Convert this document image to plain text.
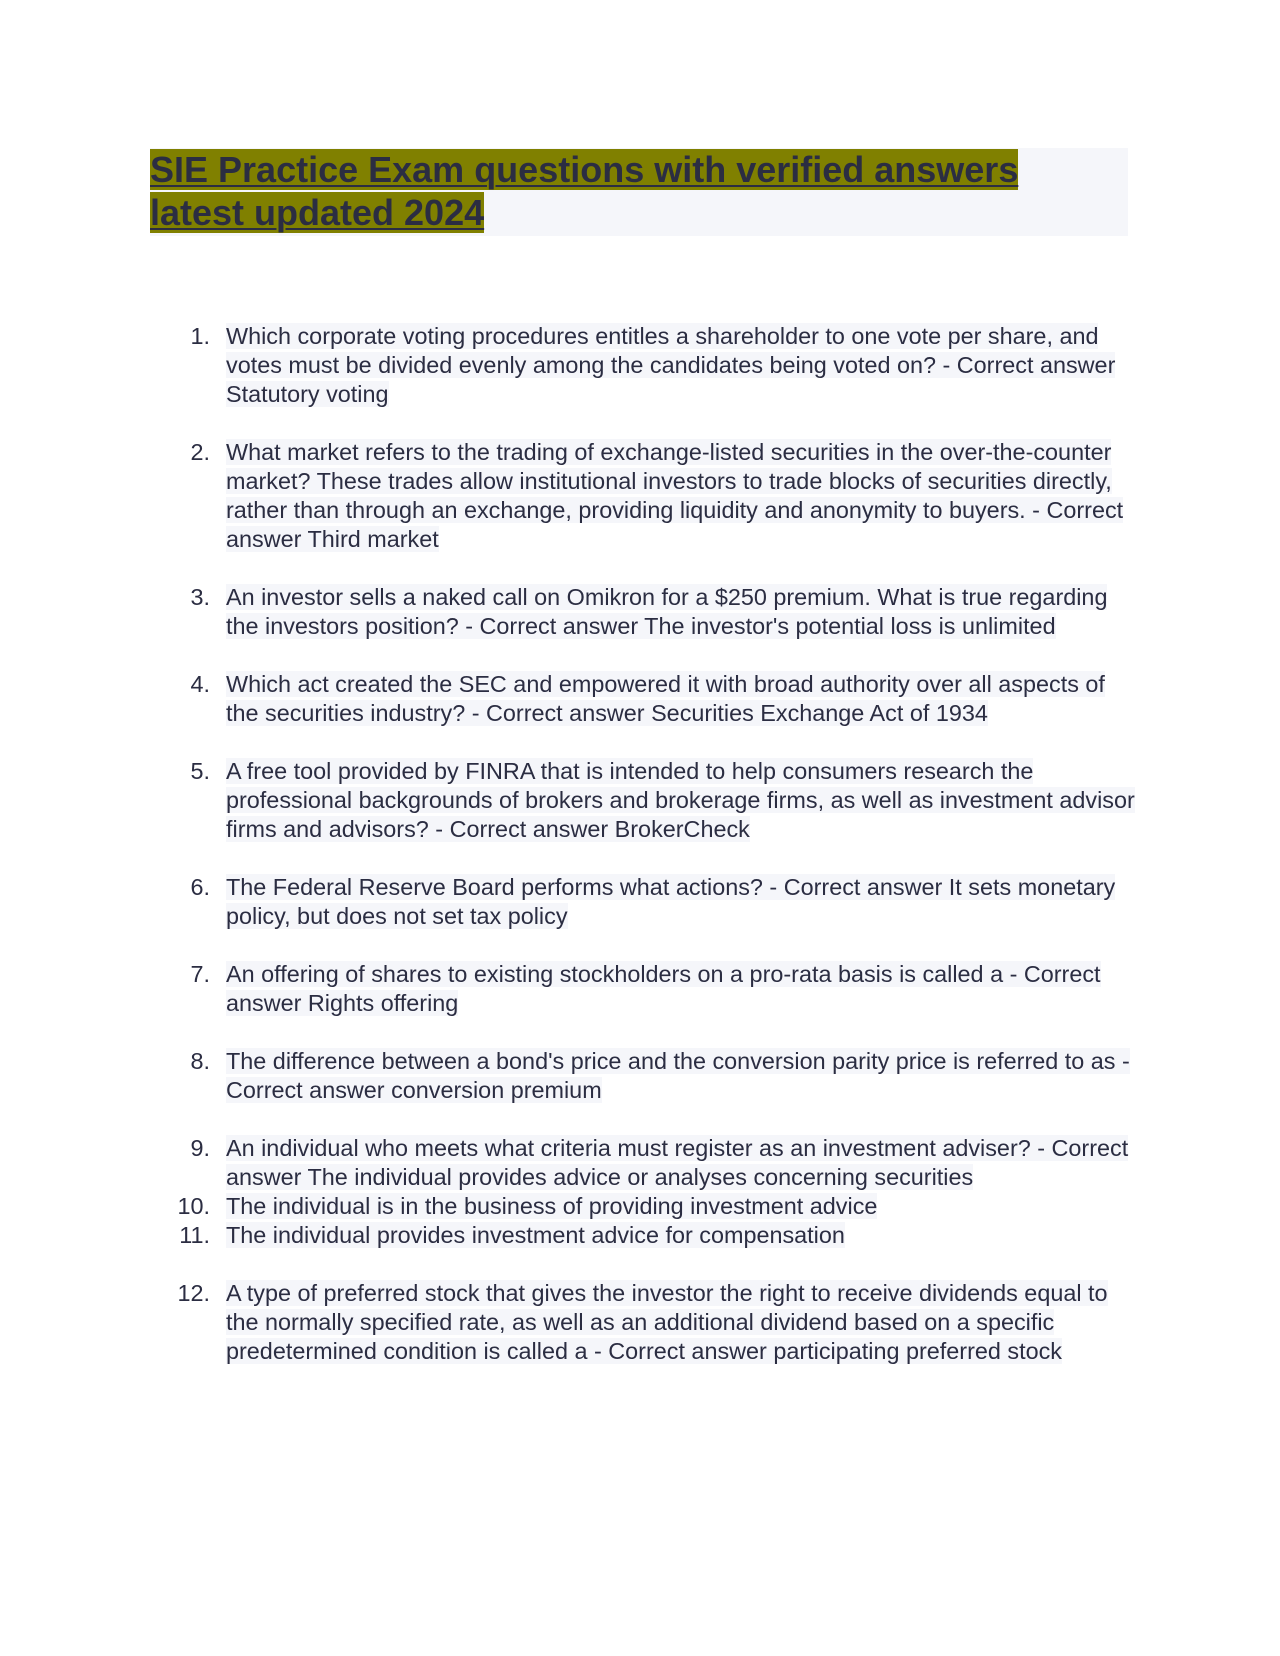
SIE Practice Exam questions with verified answers
latest updated 2024
1. Which corporate voting procedures entitles a shareholder to one vote per share, and votes must be divided evenly among the candidates being voted on? - Correct answer Statutory voting
2. What market refers to the trading of exchange-listed securities in the over-the-counter market? These trades allow institutional investors to trade blocks of securities directly, rather than through an exchange, providing liquidity and anonymity to buyers. - Correct answer Third market
3. An investor sells a naked call on Omikron for a $250 premium. What is true regarding the investors position? - Correct answer The investor's potential loss is unlimited
4. Which act created the SEC and empowered it with broad authority over all aspects of the securities industry? - Correct answer Securities Exchange Act of 1934
5. A free tool provided by FINRA that is intended to help consumers research the professional backgrounds of brokers and brokerage firms, as well as investment advisor firms and advisors? - Correct answer BrokerCheck
6. The Federal Reserve Board performs what actions? - Correct answer It sets monetary policy, but does not set tax policy
7. An offering of shares to existing stockholders on a pro-rata basis is called a - Correct answer Rights offering
8. The difference between a bond's price and the conversion parity price is referred to as - Correct answer conversion premium
9. An individual who meets what criteria must register as an investment adviser? - Correct answer The individual provides advice or analyses concerning securities
10. The individual is in the business of providing investment advice
11. The individual provides investment advice for compensation
12. A type of preferred stock that gives the investor the right to receive dividends equal to the normally specified rate, as well as an additional dividend based on a specific predetermined condition is called a - Correct answer participating preferred stock
